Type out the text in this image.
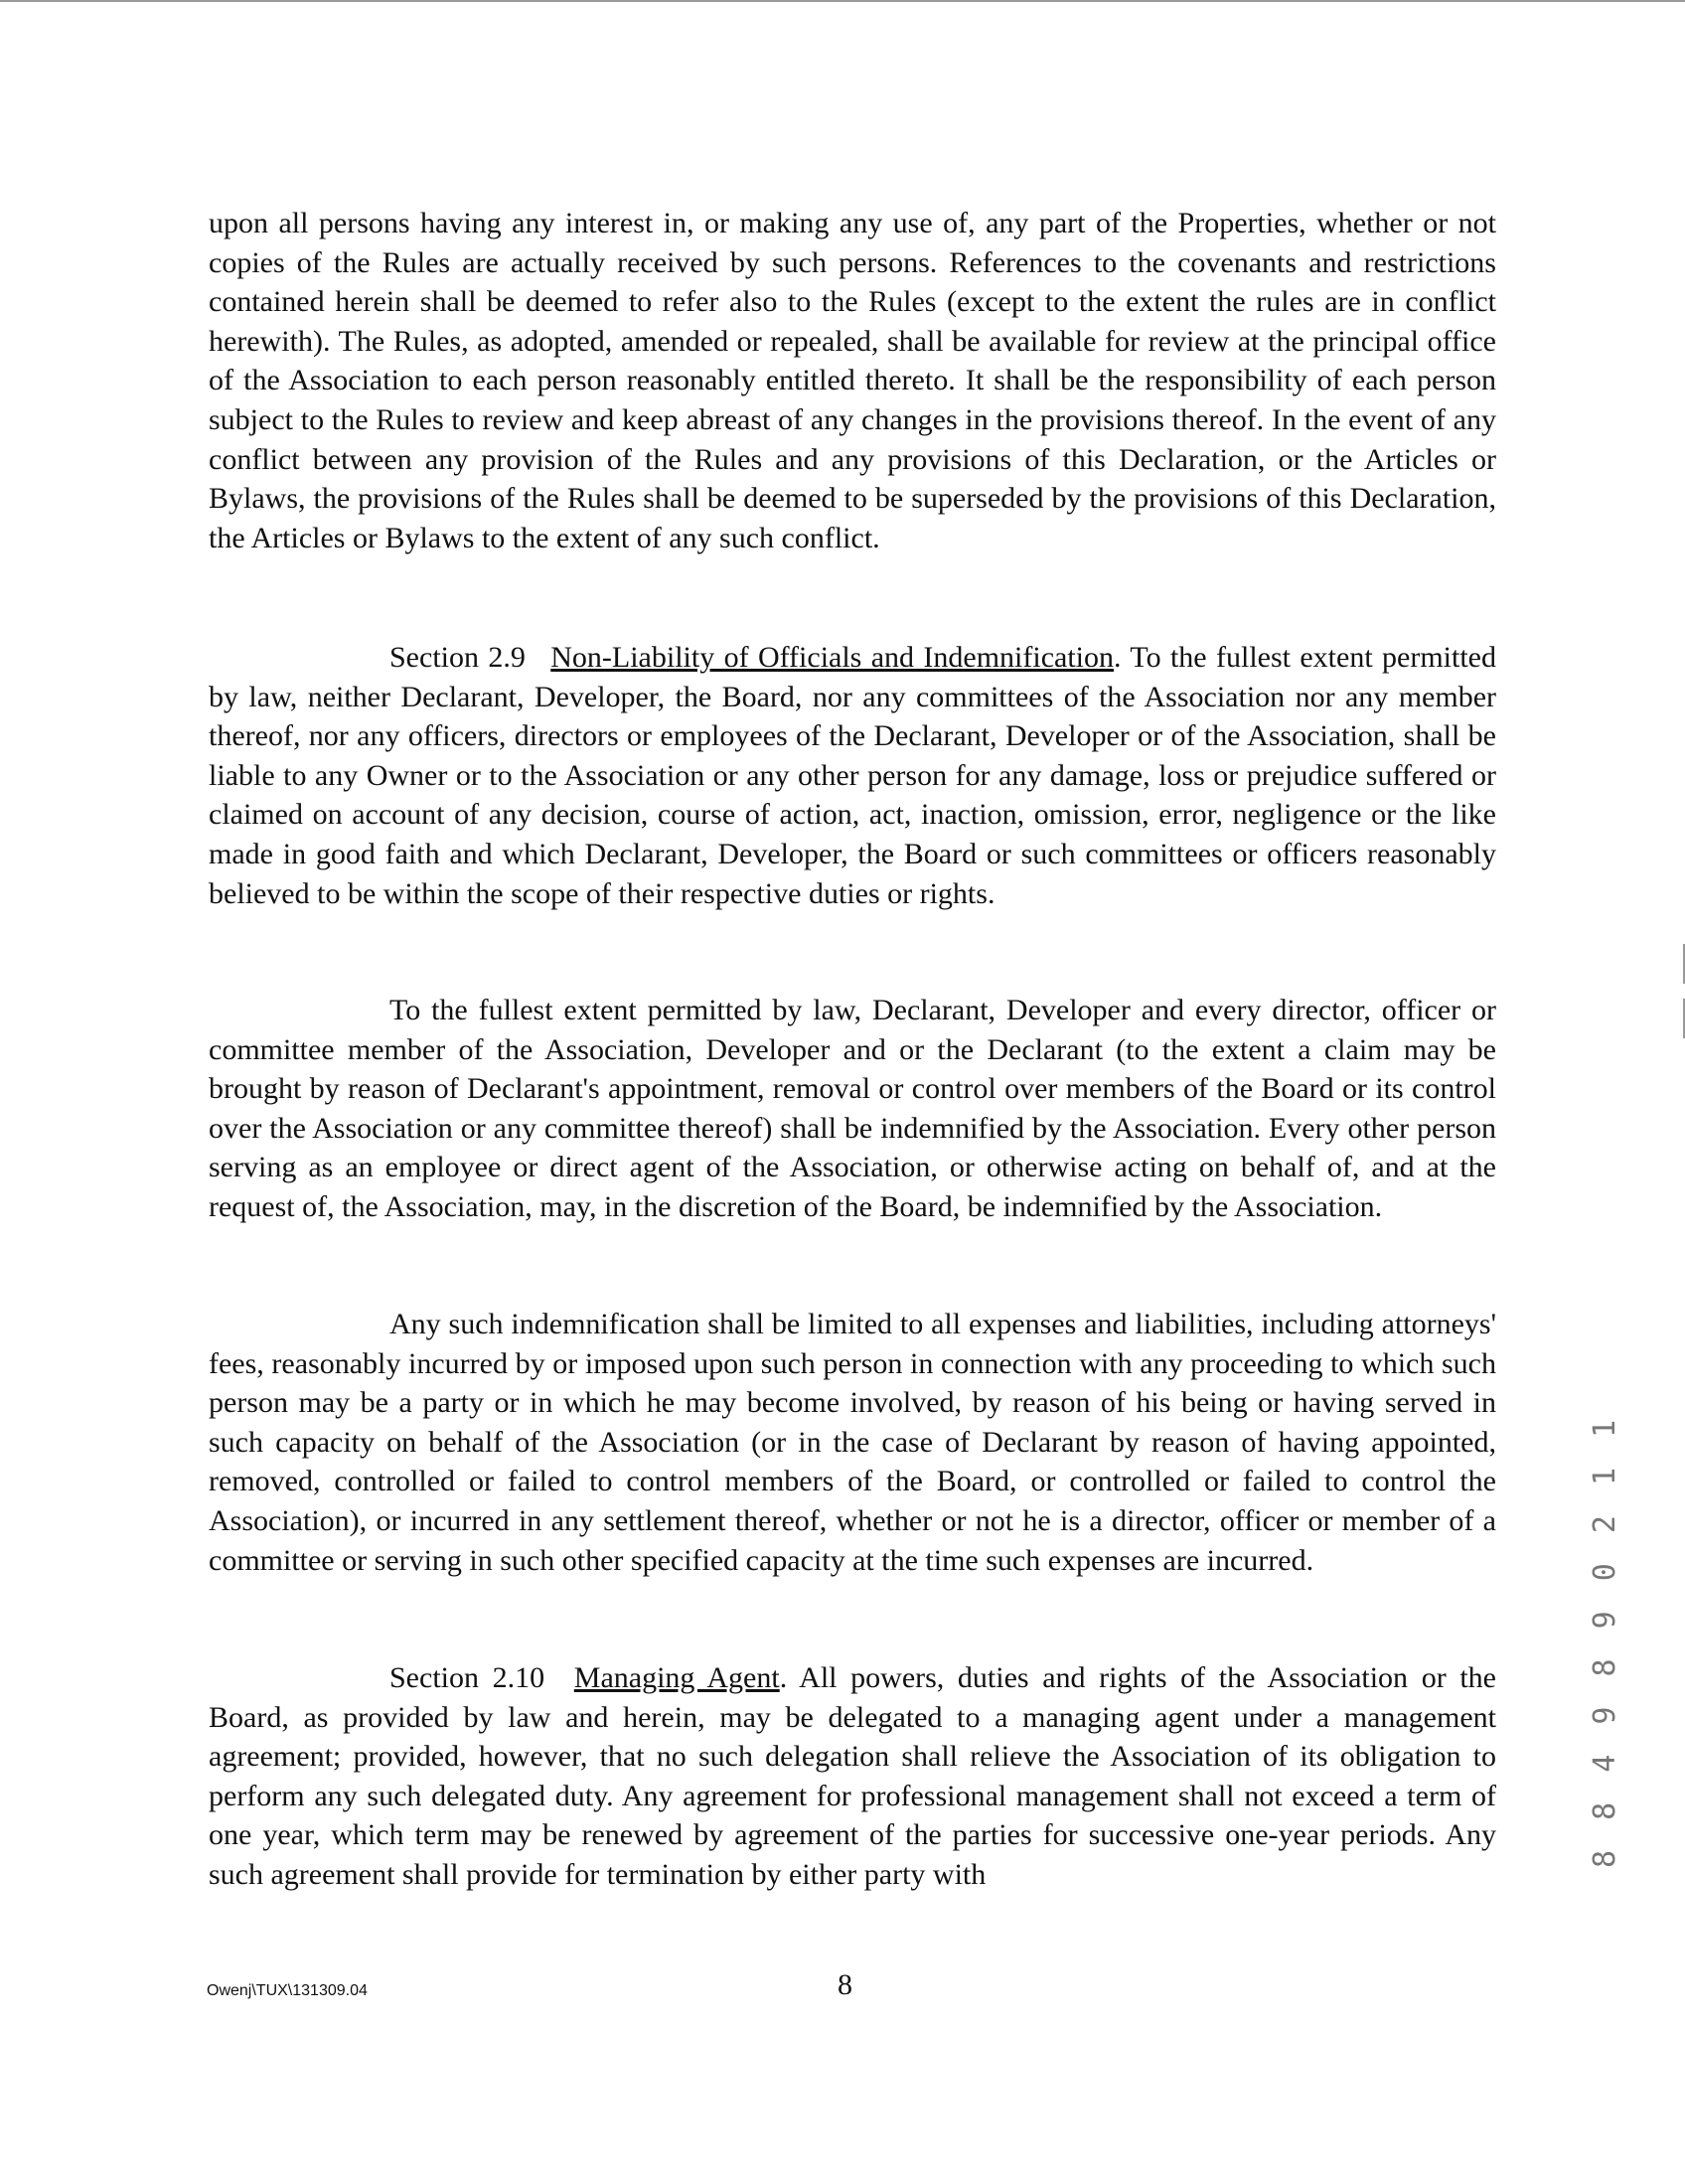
upon all persons having any interest in, or making any use of, any part of the Properties, whether or not copies of the Rules are actually received by such persons. References to the covenants and restrictions contained herein shall be deemed to refer also to the Rules (except to the extent the rules are in conflict herewith). The Rules, as adopted, amended or repealed, shall be available for review at the principal office of the Association to each person reasonably entitled thereto. It shall be the responsibility of each person subject to the Rules to review and keep abreast of any changes in the provisions thereof. In the event of any conflict between any provision of the Rules and any provisions of this Declaration, or the Articles or Bylaws, the provisions of the Rules shall be deemed to be superseded by the provisions of this Declaration, the Articles or Bylaws to the extent of any such conflict.

Section 2.9 Non-Liability of Officials and Indemnification. To the fullest extent permitted by law, neither Declarant, Developer, the Board, nor any committees of the Association nor any member thereof, nor any officers, directors or employees of the Declarant, Developer or of the Association, shall be liable to any Owner or to the Association or any other person for any damage, loss or prejudice suffered or claimed on account of any decision, course of action, act, inaction, omission, error, negligence or the like made in good faith and which Declarant, Developer, the Board or such committees or officers reasonably believed to be within the scope of their respective duties or rights.

To the fullest extent permitted by law, Declarant, Developer and every director, officer or committee member of the Association, Developer and or the Declarant (to the extent a claim may be brought by reason of Declarant's appointment, removal or control over members of the Board or its control over the Association or any committee thereof) shall be indemnified by the Association. Every other person serving as an employee or direct agent of the Association, or otherwise acting on behalf of, and at the request of, the Association, may, in the discretion of the Board, be indemnified by the Association.

Any such indemnification shall be limited to all expenses and liabilities, including attorneys' fees, reasonably incurred by or imposed upon such person in connection with any proceeding to which such person may be a party or in which he may become involved, by reason of his being or having served in such capacity on behalf of the Association (or in the case of Declarant by reason of having appointed, removed, controlled or failed to control members of the Board, or controlled or failed to control the Association), or incurred in any settlement thereof, whether or not he is a director, officer or member of a committee or serving in such other specified capacity at the time such expenses are incurred.

Section 2.10 Managing Agent. All powers, duties and rights of the Association or the Board, as provided by law and herein, may be delegated to a managing agent under a management agreement; provided, however, that no such delegation shall relieve the Association of its obligation to perform any such delegated duty. Any agreement for professional management shall not exceed a term of one year, which term may be renewed by agreement of the parties for successive one-year periods. Any such agreement shall provide for termination by either party with

Owenj\TUX\131309.04	8
8 8 4 9 8 9 0 2 1 1
